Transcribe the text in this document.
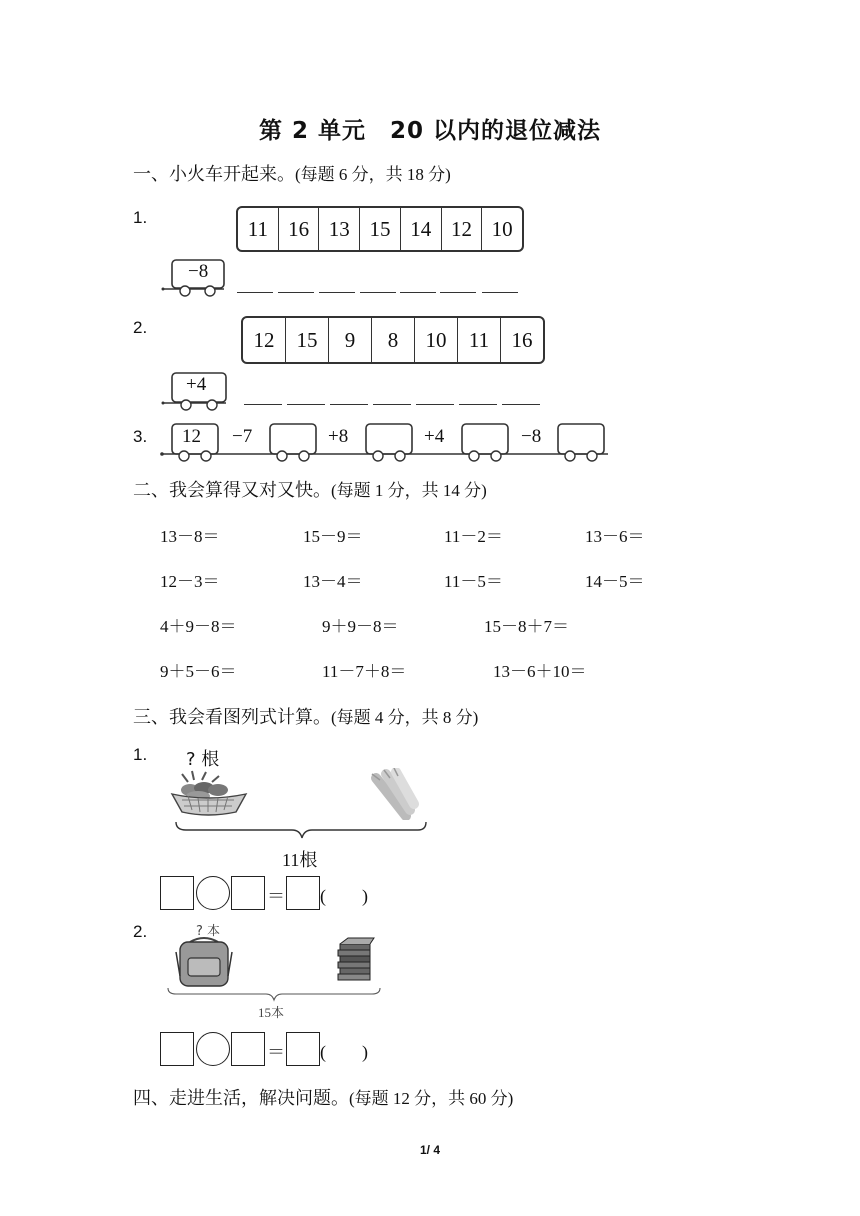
第 2 单元　20 以内的退位减法
一、小火车开起来。(每题 6 分，共 18 分)
1.	11 16 13 15 14 12 10
−8
2.	12	15	9	8	10	11	16
+4
3. 12 −7	+8	+4	−8
二、我会算得又对又快。(每题 1 分，共 14 分)
13－8＝	15－9＝	11－2＝	13－6＝
12－3＝	13－4＝	11－5＝	14－5＝
4＋9－8＝	9＋9－8＝	15－8＋7＝
9＋5－6＝	11－7＋8＝	13－6＋10＝
三、我会看图列式计算。(每题 4 分，共 8 分)
1. ? 根
11根
＝ (　　)
2.	? 本
15本
＝ (　　)
四、走进生活，解决问题。(每题 12 分，共 60 分)
1/ 4
